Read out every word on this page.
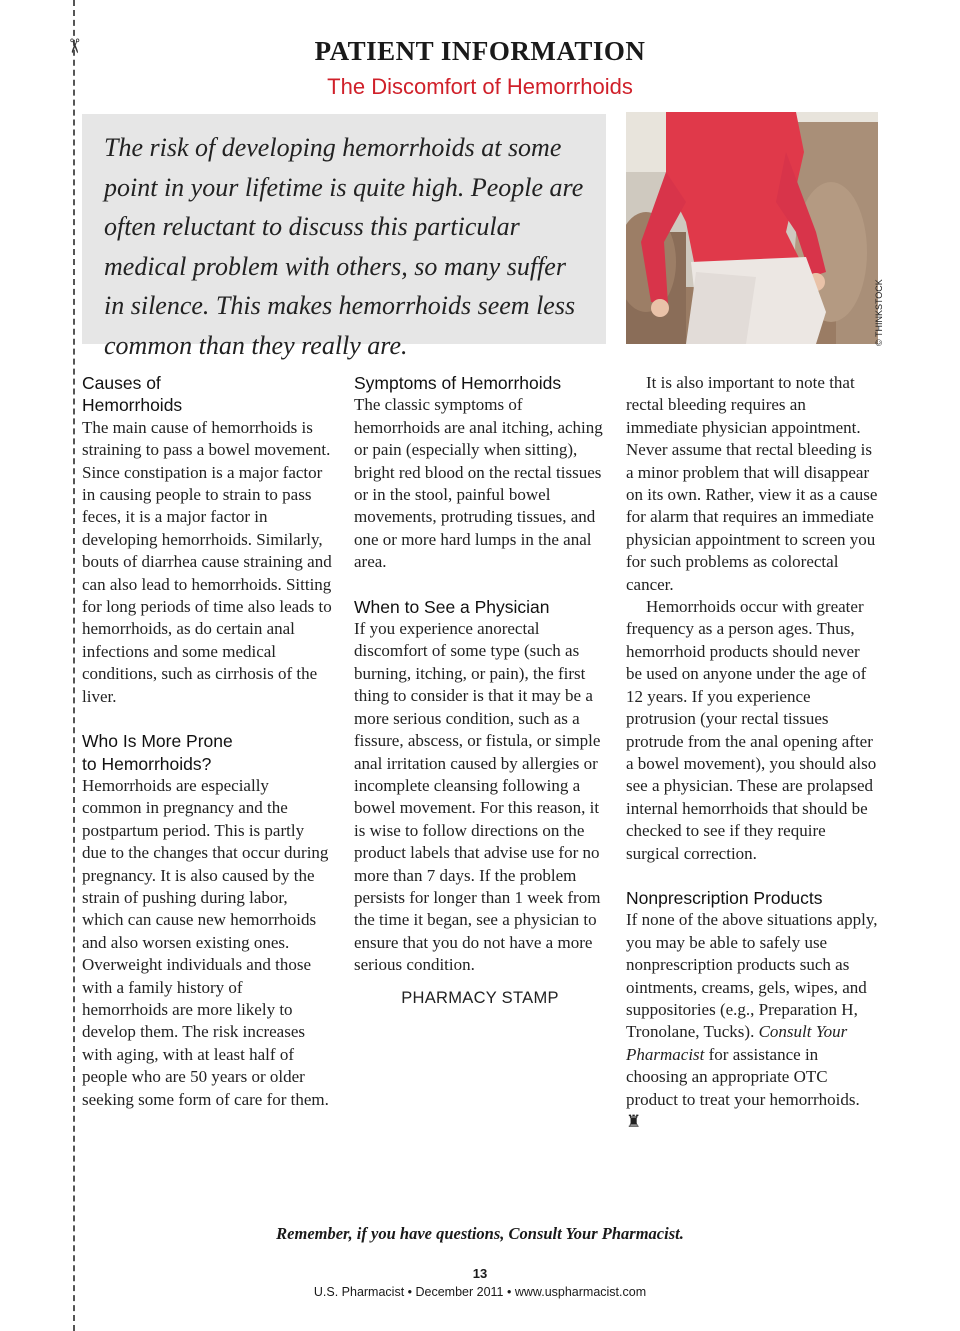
✂	PATIENT INFORMATION
The Discomfort of Hemorrhoids

The risk of developing hemorrhoids at some point in your lifetime is quite high. People are often reluctant to discuss this particular medical problem with others, so many suffer in silence. This makes hemorrhoids seem less common than they really are.	© THINKSTOCK
Causes of Hemorrhoids

The main cause of hemorrhoids is straining to pass a bowel movement. Since constipation is a major factor in causing people to strain to pass feces, it is a major factor in developing hemorrhoids. Similarly, bouts of diarrhea cause straining and can also lead to hemorrhoids. Sitting for long periods of time also leads to hemorrhoids, as do certain anal infections and some medical conditions, such as cirrhosis of the liver.

Who Is More Prone to Hemorrhoids?

Hemorrhoids are especially common in pregnancy and the postpartum period. This is partly due to the changes that occur during pregnancy. It is also caused by the strain of pushing during labor, which can cause new hemorrhoids and also worsen existing ones. Overweight individuals and those with a family history of hemorrhoids are more likely to develop them. The risk increases with aging, with at least half of people who are 50 years or older seeking some form of care for them.

Symptoms of Hemorrhoids

The classic symptoms of hemorrhoids are anal itching, aching or pain (especially when sitting), bright red blood on the rectal tissues or in the stool, painful bowel movements, protruding tissues, and one or more hard lumps in the anal area.

When to See a Physician

If you experience anorectal discomfort of some type (such as burning, itching, or pain), the first thing to consider is that it may be a more serious condition, such as a fissure, abscess, or fistula, or simple anal irritation caused by allergies or incomplete cleansing following a bowel movement. For this reason, it is wise to follow directions on the product labels that advise use for no more than 7 days. If the problem persists for longer than 1 week from the time it began, see a physician to ensure that you do not have a more serious condition.

PHARMACY STAMP

It is also important to note that rectal bleeding requires an immediate physician appointment. Never assume that rectal bleeding is a minor problem that will disappear on its own. Rather, view it as a cause for alarm that requires an immediate physician appointment to screen you for such problems as colorectal cancer.

Hemorrhoids occur with greater frequency as a person ages. Thus, hemorrhoid products should never be used on anyone under the age of 12 years. If you experience protrusion (your rectal tissues protrude from the anal opening after a bowel movement), you should also see a physician. These are prolapsed internal hemorrhoids that should be checked to see if they require surgical correction.

Nonprescription Products

If none of the above situations apply, you may be able to safely use nonprescription products such as ointments, creams, gels, wipes, and suppositories (e.g., Preparation H, Tronolane, Tucks). Consult Your Pharmacist for assistance in choosing an appropriate OTC product to treat your hemorrhoids. ♜

Remember, if you have questions, Consult Your Pharmacist.
13
U.S. Pharmacist • December 2011 • www.uspharmacist.com
